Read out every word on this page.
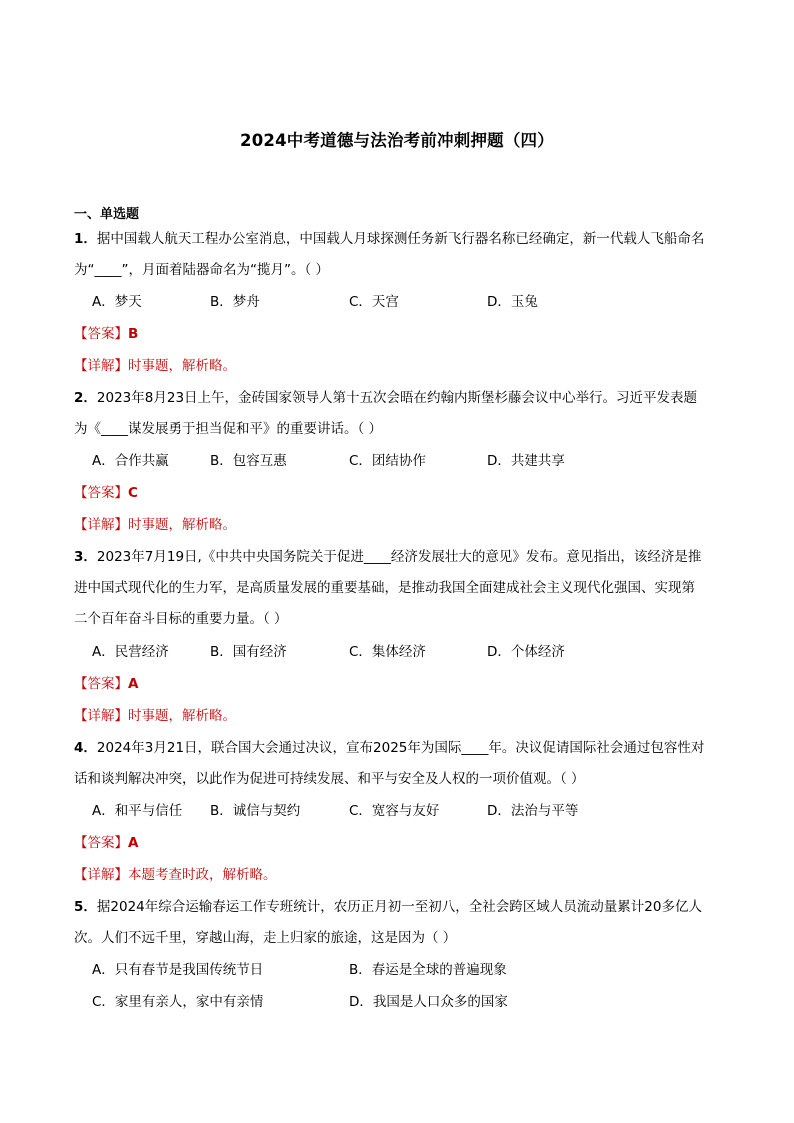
2024中考道德与法治考前冲刺押题（四）
一、单选题
1．据中国载人航天工程办公室消息，中国载人月球探测任务新飞行器名称已经确定，新一代载人飞船命名
为“____”，月面着陆器命名为“揽月”。（ ）
A．梦天	B．梦舟	C．天宫	D．玉兔
【答案】B
【详解】时事题，解析略。
2．2023年8月23日上午，金砖国家领导人第十五次会晤在约翰内斯堡杉藤会议中心举行。习近平发表题
为《____谋发展勇于担当促和平》的重要讲话。（ ）
A．合作共赢	B．包容互惠	C．团结协作	D．共建共享
【答案】C
【详解】时事题，解析略。
3．2023年7月19日,《中共中央国务院关于促进____经济发展壮大的意见》发布。意见指出，该经济是推
进中国式现代化的生力军，是高质量发展的重要基础，是推动我国全面建成社会主义现代化强国、实现第
二个百年奋斗目标的重要力量。（ ）
A．民营经济	B．国有经济	C．集体经济	D．个体经济
【答案】A
【详解】时事题，解析略。
4．2024年3月21日，联合国大会通过决议，宣布2025年为国际____年。决议促请国际社会通过包容性对
话和谈判解决冲突，以此作为促进可持续发展、和平与安全及人权的一项价值观。（ ）
A．和平与信任 B．诚信与契约	C．宽容与友好	D．法治与平等
【答案】A
【详解】本题考查时政，解析略。
5．据2024年综合运输春运工作专班统计，农历正月初一至初八，全社会跨区域人员流动量累计20多亿人
次。人们不远千里，穿越山海，走上归家的旅途，这是因为（ ）
A．只有春节是我国传统节日	B．春运是全球的普遍现象
C．家里有亲人，家中有亲情	D．我国是人口众多的国家
